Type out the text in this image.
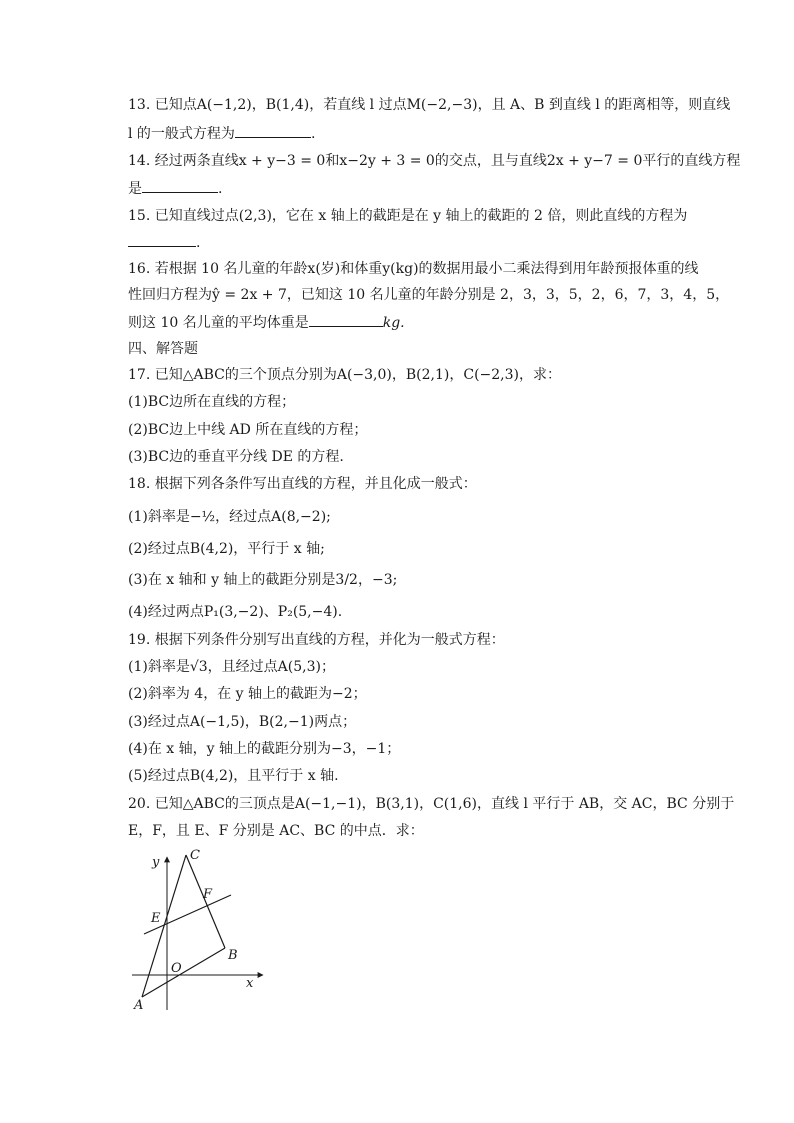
13. 已知点A(−1,2)，B(1,4)，若直线 l 过点M(−2,−3)，且 A、B 到直线 l 的距离相等，则直线
l 的一般式方程为	.
14. 经过两条直线x + y−3 = 0和x−2y + 3 = 0的交点，且与直线2x + y−7 = 0平行的直线方程
是	.
15. 已知直线过点(2,3)，它在 x 轴上的截距是在 y 轴上的截距的 2 倍，则此直线的方程为
.
16. 若根据 10 名儿童的年龄x(岁)和体重y(kg)的数据用最小二乘法得到用年龄预报体重的线
性回归方程为ŷ = 2x + 7，已知这 10 名儿童的年龄分别是 2，3，3，5，2，6，7，3，4，5，
则这 10 名儿童的平均体重是	kg.
四、解答题
17. 已知△ABC的三个顶点分别为A(−3,0)，B(2,1)，C(−2,3)，求：
(1)BC边所在直线的方程；
(2)BC边上中线 AD 所在直线的方程；
(3)BC边的垂直平分线 DE 的方程.
18. 根据下列各条件写出直线的方程，并且化成一般式：
(1)斜率是−½，经过点A(8,−2);
(2)经过点B(4,2)，平行于 x 轴;
(3)在 x 轴和 y 轴上的截距分别是3/2，−3;
(4)经过两点P₁(3,−2)、P₂(5,−4).
19. 根据下列条件分别写出直线的方程，并化为一般式方程：
(1)斜率是√3，且经过点A(5,3)；
(2)斜率为 4，在 y 轴上的截距为−2；
(3)经过点A(−1,5)，B(2,−1)两点；
(4)在 x 轴，y 轴上的截距分别为−3，−1；
(5)经过点B(4,2)，且平行于 x 轴.
20. 已知△ABC的三顶点是A(−1,−1)，B(3,1)，C(1,6)，直线 l 平行于 AB，交 AC，BC 分别于
E，F，且 E、F 分别是 AC、BC 的中点．求：
y
x
O
A
B
C
E
F
